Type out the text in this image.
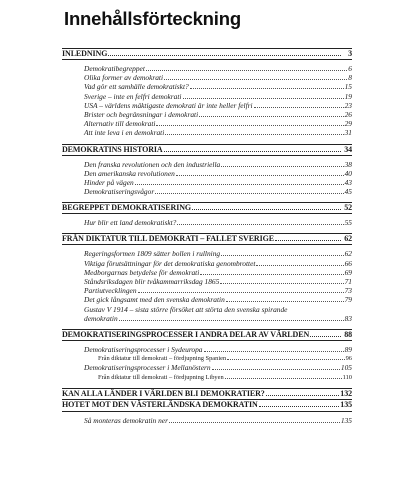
Innehållsförteckning
INLEDNING	3
Demokratibegreppet	6
Olika former av demokrati	8
Vad gör ett samhälle demokratiskt?	15
Sverige – inte en felfri demokrati	19
USA – världens mäktigaste demokrati är inte heller felfri	23
Brister och begränsningar i demokrati	26
Alternativ till demokrati	29
Att inte leva i en demokrati	31
DEMOKRATINS HISTORIA	34
Den franska revolutionen och den industriella	38
Den amerikanska revolutionen	40
Hinder på vägen	43
Demokratiseringsvågor	45
BEGREPPET DEMOKRATISERING	52
Hur blir ett land demokratiskt?	55
FRÅN DIKTATUR TILL DEMOKRATI – FALLET SVERIGE	62
Regeringsformen 1809 sätter bollen i rullning	62
Viktiga förutsättningar för det demokratiska genombrottet	66
Medborgarnas betydelse för demokrati	69
Ståndsriksdagen blir tvåkammarriksdag 1865	71
Partiutvecklingen	73
Det gick långsamt med den svenska demokratin	79
Gustav V 1914 – sista större försöket att störta den svenska spirande
demokratin	83
DEMOKRATISERINGSPROCESSER I ANDRA DELAR AV VÄRLDEN	88
Demokratiseringsprocesser i Sydeuropa	89
Från diktatur till demokrati – fördjupning Spanien	96
Demokratiseringsprocesser i Mellanöstern	105
Från diktatur till demokrati – fördjupning Libyen	110
KAN ALLA LÄNDER I VÄRLDEN BLI DEMOKRATIER?	132
HOTET MOT DEN VÄSTERLÄNDSKA DEMOKRATIN	135
Så monteras demokratin ner	135
